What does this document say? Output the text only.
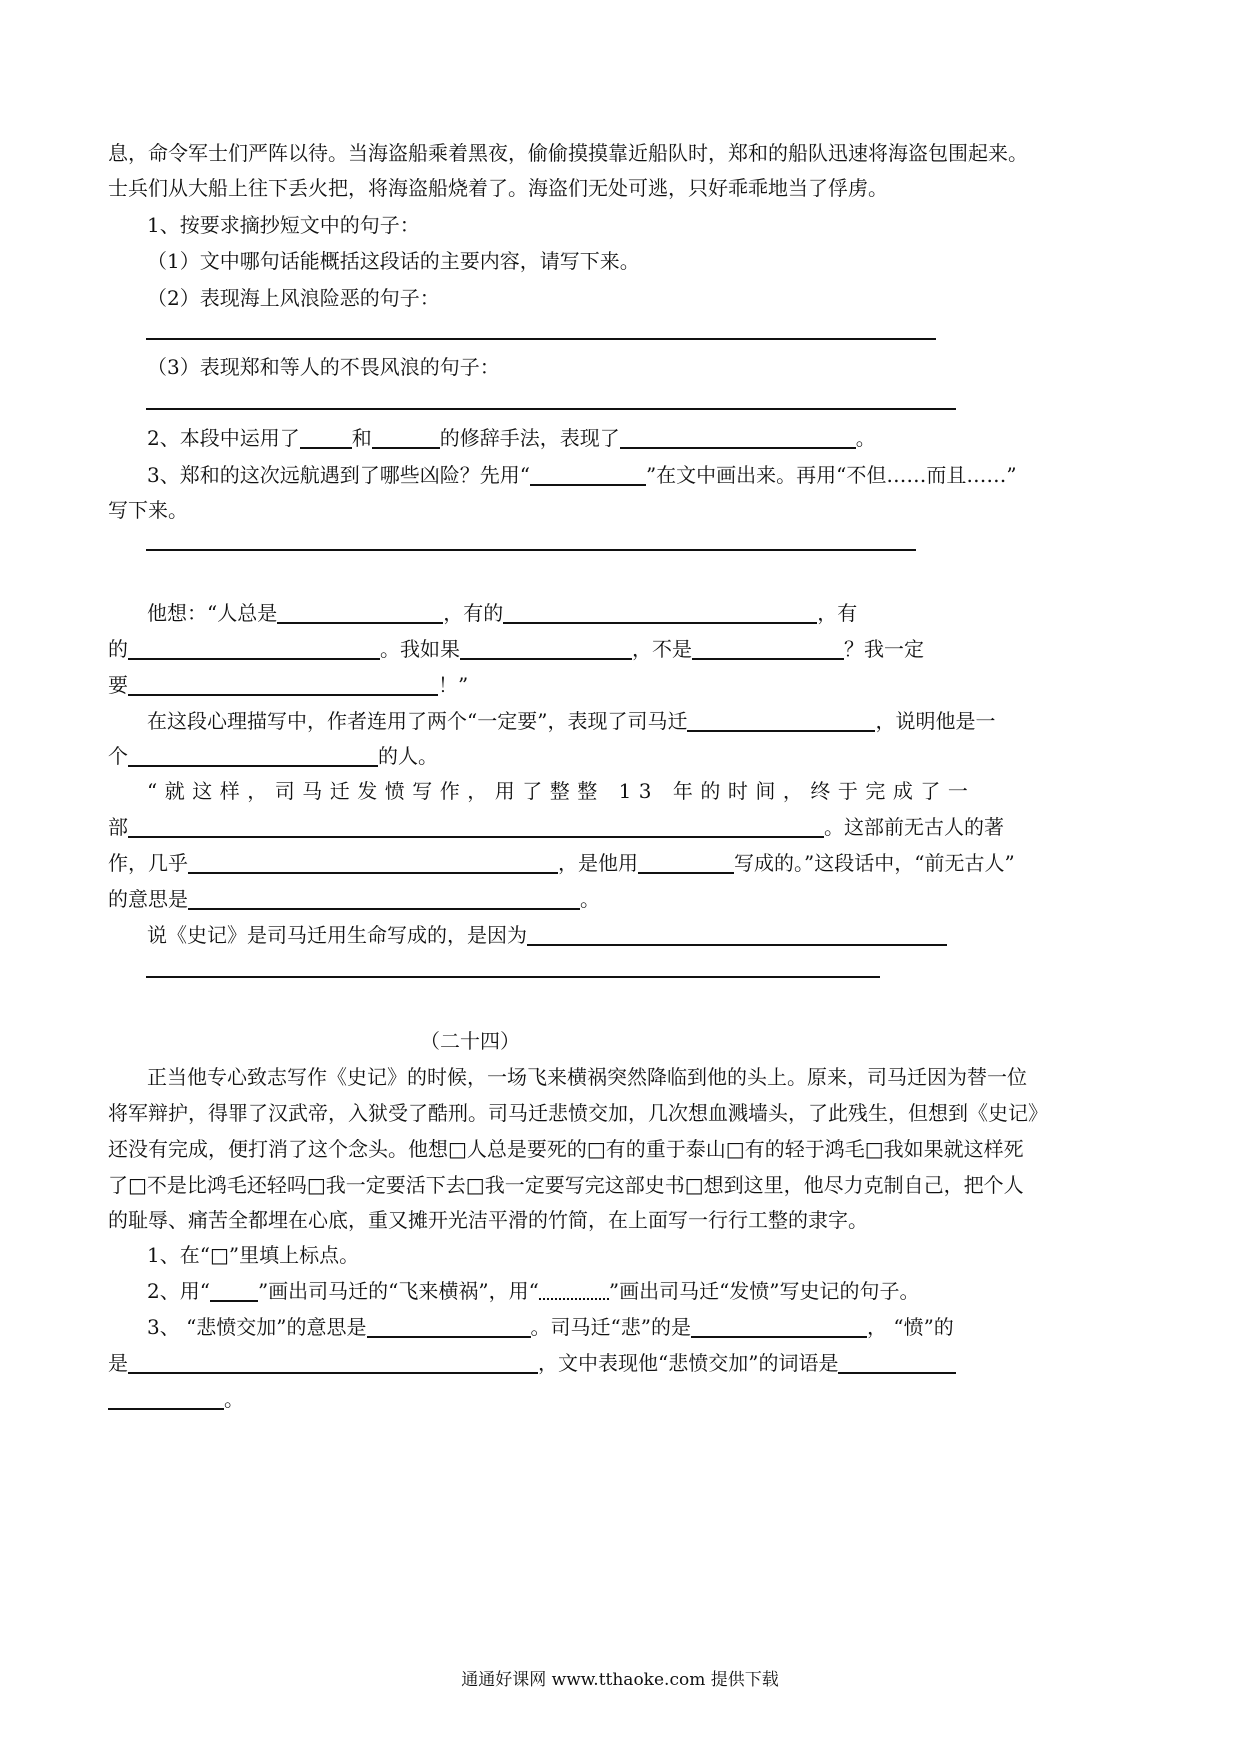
息，命令军士们严阵以待。当海盗船乘着黑夜，偷偷摸摸靠近船队时，郑和的船队迅速将海盗包围起来。
士兵们从大船上往下丢火把，将海盗船烧着了。海盗们无处可逃，只好乖乖地当了俘虏。
1、按要求摘抄短文中的句子：
（1）文中哪句话能概括这段话的主要内容，请写下来。
（2）表现海上风浪险恶的句子：
（3）表现郑和等人的不畏风浪的句子：
2、本段中运用了	和	的修辞手法，表现了	。
3、郑和的这次远航遇到了哪些凶险？先用“	”在文中画出来。再用“不但……而且……”
写下来。
他想：“人总是	，有的	，有
的	。我如果	，不是	？我一定
要	！”
在这段心理描写中，作者连用了两个“一定要”，表现了司马迁	，说明他是一
个	的人。
“就这样，司马迁发愤写作，用了整整 13 年的时间，终于完成了一
部	。这部前无古人的著
作，几乎	，是他用	写成的。”这段话中，“前无古人”
的意思是	。
说《史记》是司马迁用生命写成的，是因为
（二十四）
正当他专心致志写作《史记》的时候，一场飞来横祸突然降临到他的头上。原来，司马迁因为替一位
将军辩护，得罪了汉武帝，入狱受了酷刑。司马迁悲愤交加，几次想血溅墙头，了此残生，但想到《史记》
还没有完成，便打消了这个念头。他想□人总是要死的□有的重于泰山□有的轻于鸿毛□我如果就这样死
了□不是比鸿毛还轻吗□我一定要活下去□我一定要写完这部史书□想到这里，他尽力克制自己，把个人
的耻辱、痛苦全都埋在心底，重又摊开光洁平滑的竹简，在上面写一行行工整的隶字。
1、在“□”里填上标点。
2、用“ ”画出司马迁的“飞来横祸”，用“	”画出司马迁“发愤”写史记的句子。
3、 “悲愤交加”的意思是	。司马迁“悲”的是	， “愤”的
是	，文中表现他“悲愤交加”的词语是
。
通通好课网 www.tthaoke.com 提供下载
